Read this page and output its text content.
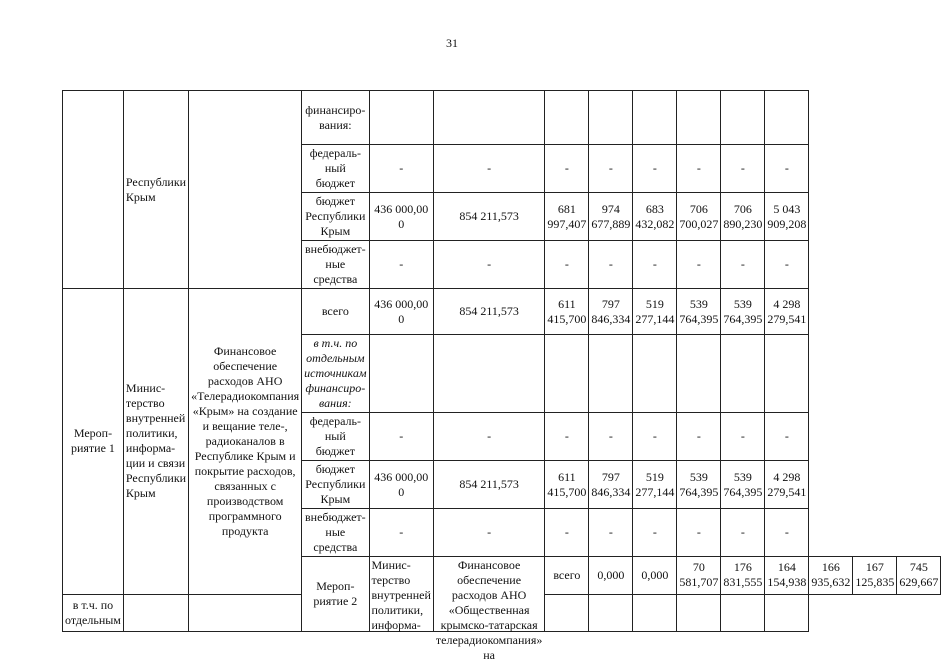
31
	Республики Крым		финансиро-вания:											
			федераль-ный бюджет	-	-	-	-	-	-	-	-			
			бюджет Республики Крым	436 000,00 0	854 211,573	681 997,407	974 677,889	683 432,082	706 700,027	706 890,230	5 043 909,208			
			внебюджет-ные средства	-	-	-	-	-	-	-	-			
Мероп-риятие 1	Минис-терство внутренней политики, информа-ции и связи Республики Крым	Финансовое обеспечение расходов АНО «Телерадиокомпания «Крым» на создание и вещание теле-, радиоканалов в Республике Крым и покрытие расходов, связанных с производством программного продукта	всего	436 000,00 0	854 211,573	611 415,700	797 846,334	519 277,144	539 764,395	539 764,395	4 298 279,541			
			в т.ч. по отдельным источникам финансиро-вания:											
			федераль-ный бюджет	-	-	-	-	-	-	-	-			
			бюджет Республики Крым	436 000,00 0	854 211,573	611 415,700	797 846,334	519 277,144	539 764,395	539 764,395	4 298 279,541			
			внебюджет-ные средства	-	-	-	-	-	-	-	-			
			Мероп-риятие 2	Минис-терство внутренней политики, информа-	Финансовое обеспечение расходов АНО «Общественная крымско-татарская телерадиокомпания» на	всего	0,000	0,000	70 581,707	176 831,555	164 154,938	166 935,632	167 125,835	745 629,667
в т.ч. по отдельным														
